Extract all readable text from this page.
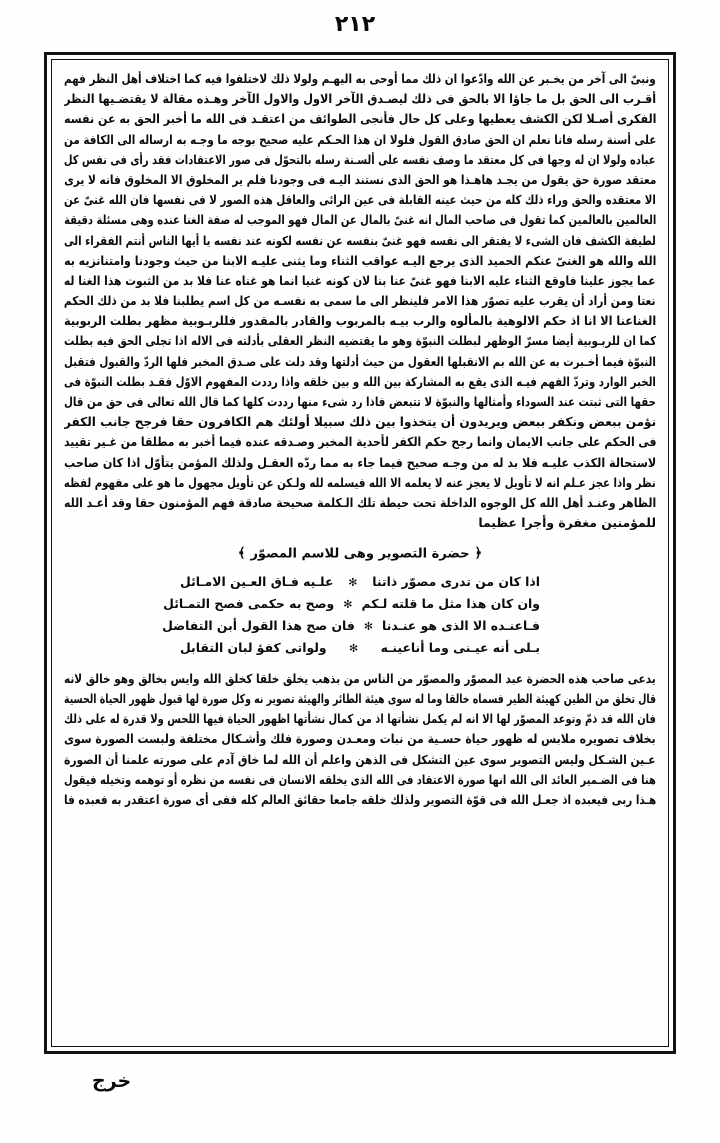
٢١٢
ونبىّ الى آخر من يخـبر عن الله وادّعوا ان ذلك مما أوحى به اليهـم ولولا ذلك لاختلفوا فيه كما اختلاف أهل النظر فهم
أقـرب الى الحق بل ما جاؤا الا بالحق فى ذلك ليصـدق الآخر الاول والاول الآخر وهـذه مقالة لا يقتضـيها النظر
الفكرى أصـلا لكن الكشف يعطيها وعلى كل حال فأنجى الطوائف من اعتقـد فى الله ما أخبر الحق به عن نفسه
على أسنة رسله فانا نعلم ان الحق صادق القول فلولا ان هذا الحـكم عليه صحيح بوجه ما وجـه به ارساله الى الكافة من
عباده ولولا ان له وجها فى كل معتقد ما وصف نفسه على ألسـنة رسله بالتحوّل فى صور الاعتقادات فقد رأى فى نفس كل
معتقد صورة حق يقول من يجـد هاهـذا هو الحق الذى نستند اليـه فى وجودنا فلم ير المخلوق الا المخلوق فانه لا يرى
الا معتقده والحق وراء ذلك كله من حيث عينه القابلة فى عين الرائى والعاقل هذه الصور لا فى نفسها فان الله غنىّ عن
العالمين بالعالمين كما تقول فى صاحب المال انه غنىّ بالمال عن المال فهو الموجب له صفة الغنا عنده وهى مسئلة دقيقة
لطيفة الكشف فان الشىء لا يفتقر الى نفسه فهو غنىّ بنفسه عن نفسه لكونه عند نفسه يا أيها الناس أنتم الفقراء الى
الله والله هو الغنىّ عنكم الحميد الذى يرجع اليـه عواقب الثناء وما يثنى عليـه الابنا من حيث وجودنا وامتنانزيه به
عما يجوز علينا فاوقع الثناء عليه الابنا فهو غنىّ عنا بنا لان كونه غنيا انما هو غناه عنا فلا بد من الثبوت هذا الغنا له
نعتا ومن أراد أن يقرب عليه تصوّر هذا الامر فلينظر الى ما سمى به نفسـه من كل اسم يطلبنا فلا بد من ذلك الحكم
الغناعنا الا انا اذ حكم الالوهية بالمألوه والرب بيـه بالمربوب والقادر بالمقدور فللربـوبية مظهر بطلت الربوبية
كما ان للربـوبية أيضا مسرّ الوظهر لبطلت النبوّة وهو ما يقتضيه النظر العقلى بأدلته فى الاله اذا تجلى الحق فيه بطلت
النبوّة فيما أخـبرت به عن الله بم الانقبلها العقول من حيث أدلتها وقد دلت على صـدق المخبر فلها الردّ والقبول فتقبل
الخبر الوارد وتردّ الفهم فيـه الذى يقع به المشاركة بين الله و بين خلقه واذا رددت المفهوم الاوّل فقـد بطلت النبوّة فى
حقها التى ثبتت عند السوداء وأمثالها والنبوّة لا تتبعض فاذا رد شىء منها رددت كلها كما قال الله تعالى فى حق من قال
نؤمن ببعض ونكفر ببعض ويريدون أن يتخذوا بين ذلك سبيلا أولئك هم الكافرون حقا فرجح جانب الكفر
فى الحكم على جانب الايمان وانما رجح حكم الكفر لأحدية المخبر وصـدقه عنده فيما أخبر به مطلقا من غـير تقييد
لاستحالة الكذب عليـه فلا بد له من وجـه صحيح فيما جاء به مما ردّه العقـل ولذلك المؤمن يتأوّل اذا كان صاحب
نظر واذا عجز عـلم انه لا تأويل لا يعجز عنه لا يعلمه الا الله فيسلمه لله ولـكن عن تأويل مجهول ما هو على مفهوم لفظه
الظاهر وعنـد أهل الله كل الوجوه الداخلة تحت حيطة تلك الـكلمة صحيحة صادقة فهم المؤمنون حقا وقد أعـد الله
للمؤمنين مغفرة وأجرا عظيما
﴿حضرة التصوير وهى للاسم المصوّر﴾
اذا كان من تدرى مصوّر ذاتنا
✻
علـيه فـاق العـين الامـائل
وان كان هذا مثل ما قلته لـكم
✻
وصح به حكمى فصح التمـائل
فـاعنـده الا الذى هو عنـدنا
✻
فان صح هذا القول أبن التفاضل
بـلى أنه عيـنى وما أناعينـه
✻
ولواتى كفؤ لبان التقابل
يدعى صاحب هذه الحضرة عبد المصوّر والمصوّر من الناس من بذهب يخلق خلقا كخلق الله وايس بخالق وهو خالق لانه
قال تخلق من الطين كهيئة الطير فسماه خالقا وما له سوى هيئة الطائر والهيئة تصوير نه وكل صورة لها قبول ظهور الحياة الحسية
فان الله قد ذمّ وتوعد المصوّر لها الا انه لم يكمل نشأتها اذ من كمال نشأتها اظهور الحياة فيها اللحس ولا قدرة له على ذلك
بخلاف تصويره ملابس له ظهور حياة حسـية من نبات ومعـدن وصورة فلك وأشـكال مختلفة ولبست الصورة سوى
عـين الشـكل وليس التصوير سوى عين التشكل فى الذهن واعلم أن الله لما خاق آدم على صورته علمنا أن الصورة
هنا فى الضـمير العائد الى الله انها صورة الاعتقاد فى الله الذى يخلقه الانسان فى نفسه من نظره أو توهمه وتخيله فيقول
هـذا ربى فيعبده اذ جعـل الله فى قوّة التصوير ولذلك خلقه جامعا حقائق العالم كله ففى أى صورة اعتقدر به فعبده فا
خرج
